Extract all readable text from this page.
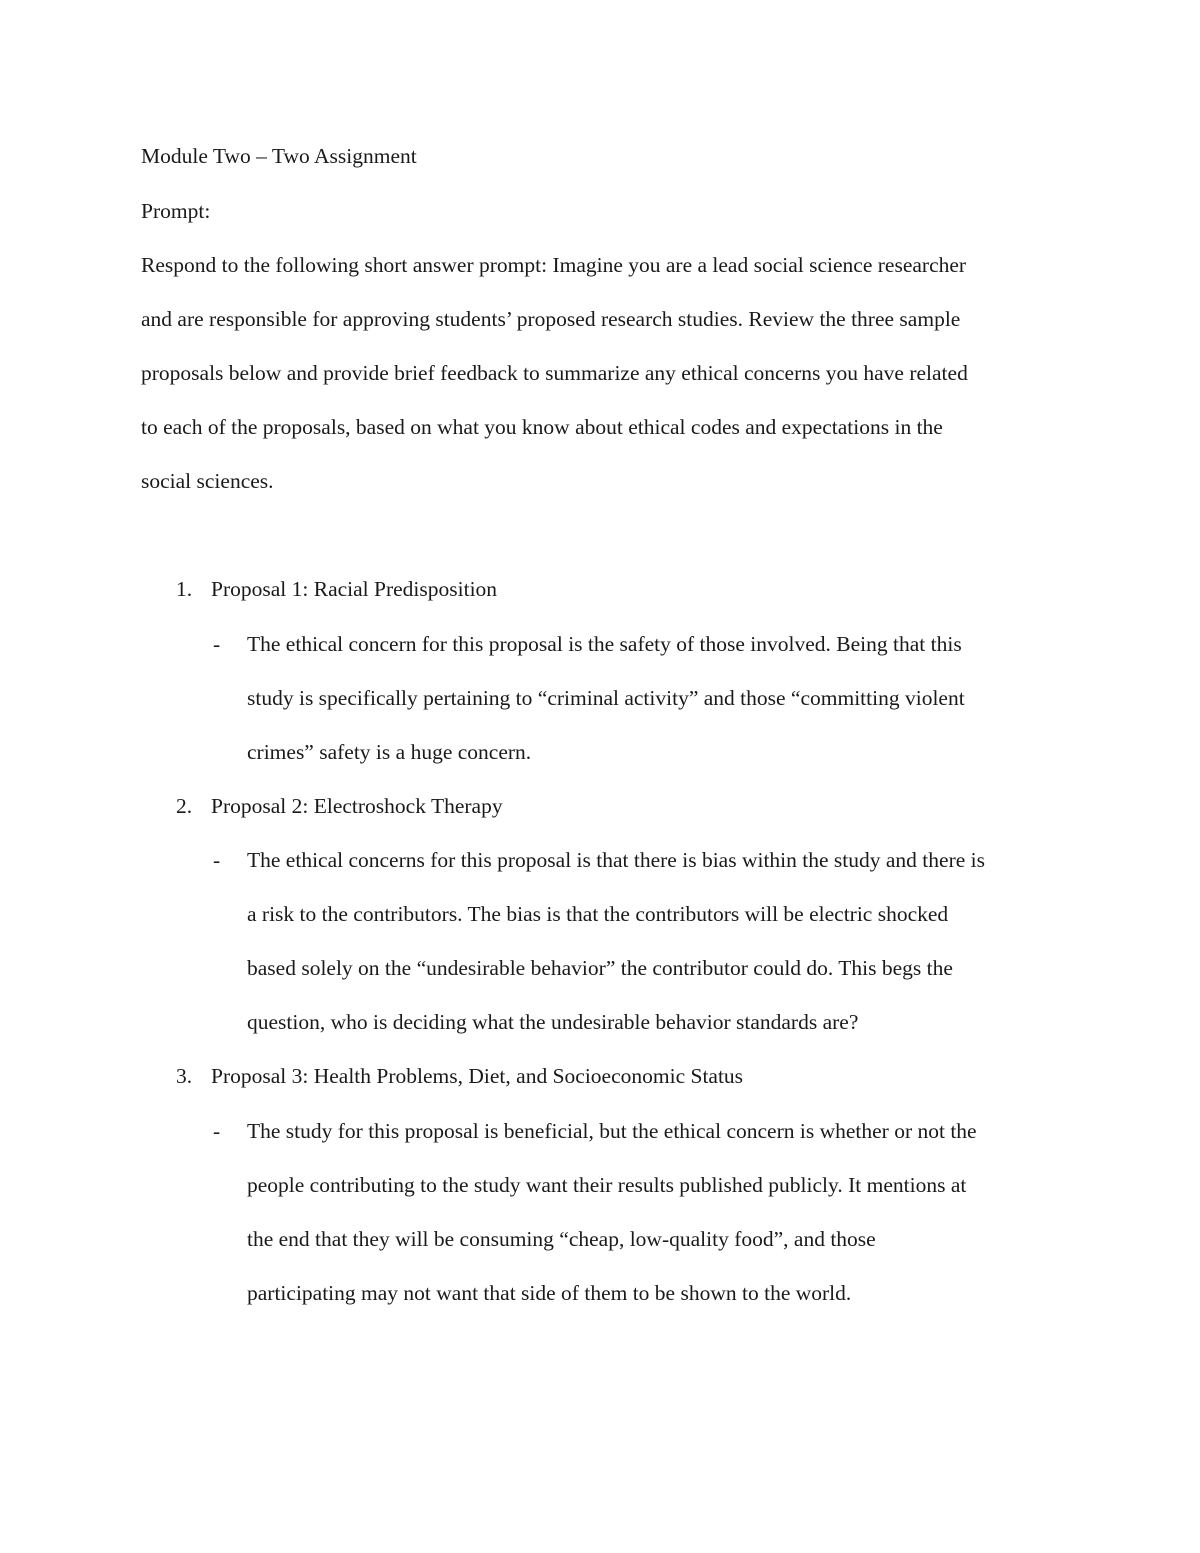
Module Two – Two Assignment
Prompt:
Respond to the following short answer prompt: Imagine you are a lead social science researcher
and are responsible for approving students’ proposed research studies. Review the three sample
proposals below and provide brief feedback to summarize any ethical concerns you have related
to each of the proposals, based on what you know about ethical codes and expectations in the
social sciences.
1. Proposal 1: Racial Predisposition
- The ethical concern for this proposal is the safety of those involved. Being that this
study is specifically pertaining to “criminal activity” and those “committing violent
crimes” safety is a huge concern.
2. Proposal 2: Electroshock Therapy
- The ethical concerns for this proposal is that there is bias within the study and there is
a risk to the contributors. The bias is that the contributors will be electric shocked
based solely on the “undesirable behavior” the contributor could do. This begs the
question, who is deciding what the undesirable behavior standards are?
3. Proposal 3: Health Problems, Diet, and Socioeconomic Status
- The study for this proposal is beneficial, but the ethical concern is whether or not the
people contributing to the study want their results published publicly. It mentions at
the end that they will be consuming “cheap, low-quality food”, and those
participating may not want that side of them to be shown to the world.
